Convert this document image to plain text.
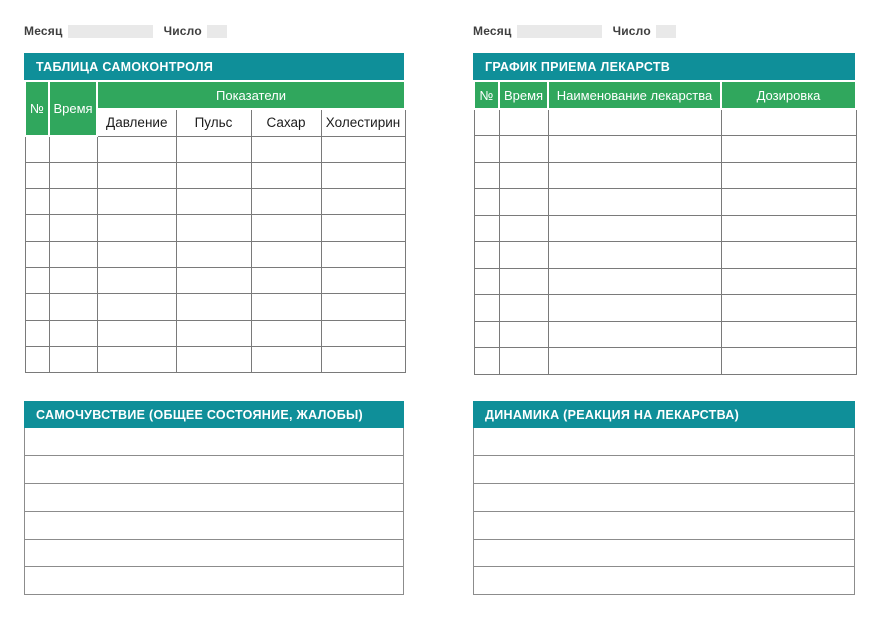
Месяц	Число
ТАБЛИЦА САМОКОНТРОЛЯ
№	Время	Показатели			
		Давление	Пульс	Сахар	Холестирин

САМОЧУВСТВИЕ (ОБЩЕЕ СОСТОЯНИЕ, ЖАЛОБЫ)
Месяц	Число
ГРАФИК ПРИЕМА ЛЕКАРСТВ
№	Время	Наименование лекарства	Дозировка

ДИНАМИКА (РЕАКЦИЯ НА ЛЕКАРСТВА)
